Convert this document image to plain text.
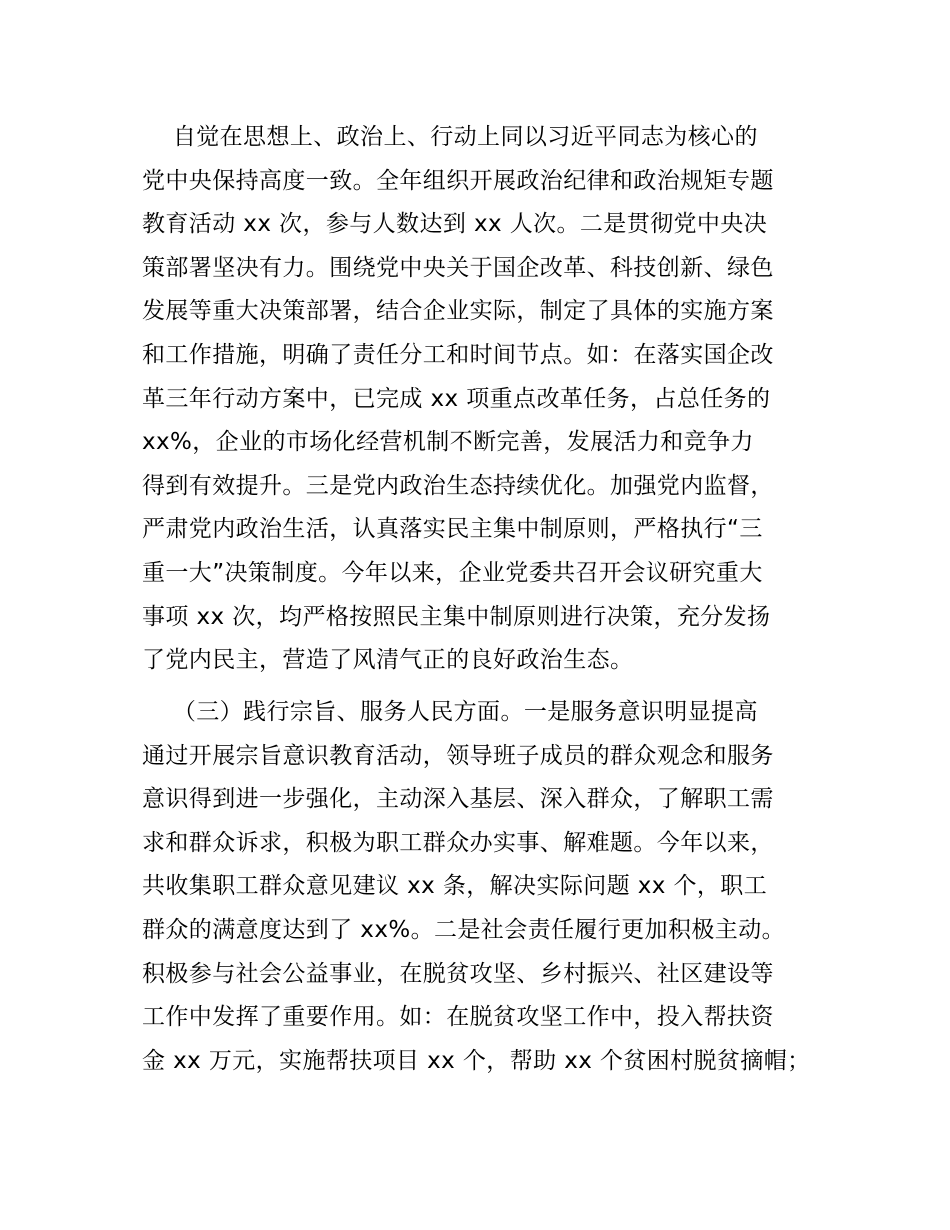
自觉在思想上、政治上、行动上同以习近平同志为核心的
党中央保持高度一致。全年组织开展政治纪律和政治规矩专题
教育活动 xx 次，参与人数达到 xx 人次。二是贯彻党中央决
策部署坚决有力。围绕党中央关于国企改革、科技创新、绿色
发展等重大决策部署，结合企业实际，制定了具体的实施方案
和工作措施，明确了责任分工和时间节点。如：在落实国企改
革三年行动方案中，已完成 xx 项重点改革任务，占总任务的
xx%，企业的市场化经营机制不断完善，发展活力和竞争力
得到有效提升。三是党内政治生态持续优化。加强党内监督，
严肃党内政治生活，认真落实民主集中制原则，严格执行“三
重一大”决策制度。今年以来，企业党委共召开会议研究重大
事项 xx 次，均严格按照民主集中制原则进行决策，充分发扬
了党内民主，营造了风清气正的良好政治生态。
（三）践行宗旨、服务人民方面。一是服务意识明显提高
通过开展宗旨意识教育活动，领导班子成员的群众观念和服务
意识得到进一步强化，主动深入基层、深入群众，了解职工需
求和群众诉求，积极为职工群众办实事、解难题。今年以来，
共收集职工群众意见建议 xx 条，解决实际问题 xx 个，职工
群众的满意度达到了 xx%。二是社会责任履行更加积极主动。
积极参与社会公益事业，在脱贫攻坚、乡村振兴、社区建设等
工作中发挥了重要作用。如：在脱贫攻坚工作中，投入帮扶资
金 xx 万元，实施帮扶项目 xx 个，帮助 xx 个贫困村脱贫摘帽；
